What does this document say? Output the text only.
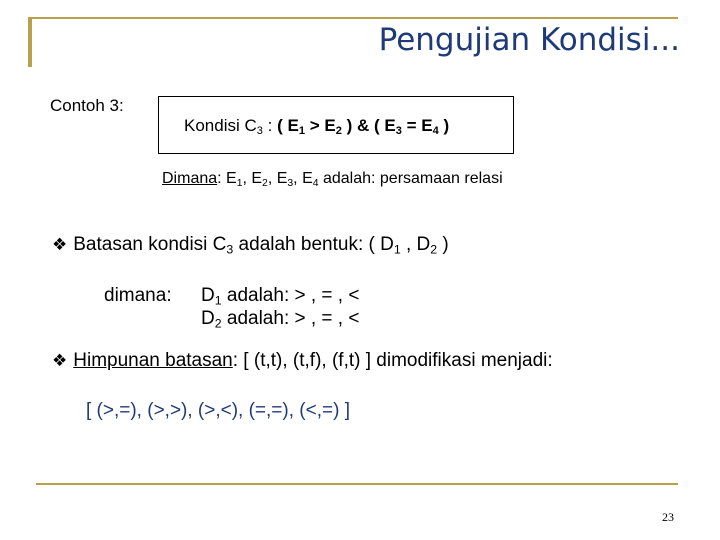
Pengujian Kondisi...
Contoh 3:
Kondisi $C_3$ : ( $E_1 > E_2$ ) & ( $E_3 = E_4$ )
Dimana: $E_1$, $E_2$, $E_3$, $E_4$ adalah: persamaan relasi
❖ Batasan kondisi $C_3$ adalah bentuk: ( $D_1$ , $D_2$ )
dimana: $D_1$ adalah: > , = , <
$D_2$ adalah: > , = , <
❖ Himpunan batasan: [ (t,t), (t,f), (f,t) ] dimodifikasi menjadi:
[ (>,=), (>,>), (>,<), (=,=), (<,=) ]
23
